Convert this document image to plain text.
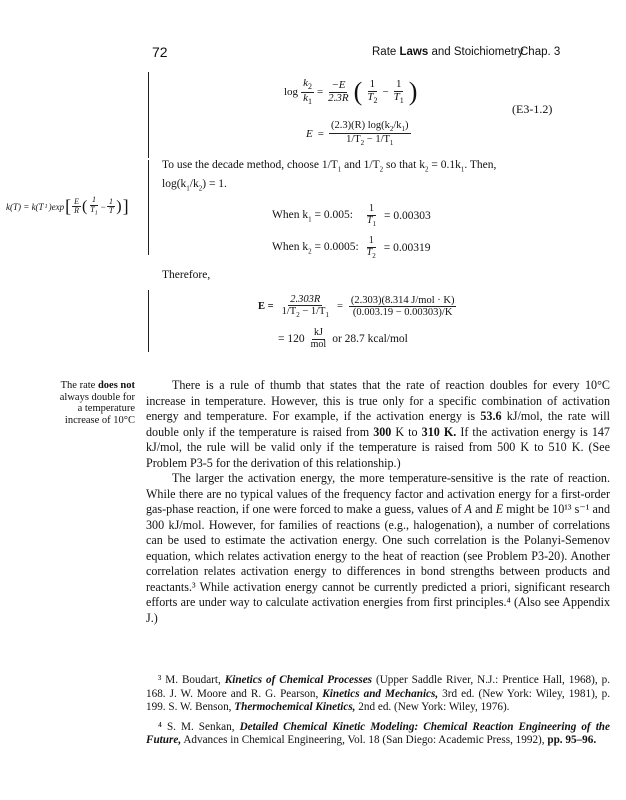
72	Rate Laws and Stoichiometry
Chap. 3
$\log \frac{k_2}{k_1} = \frac{-E}{2.3R}$ ( $\frac{1}{T_2} - \frac{1}{T_1}$ )
(E3-1.2)
$E = \frac{(2.3)(R) \log(k_2/k_1)}{1/T_2 - 1/T_1}$
k(T) = k(T 1 )exp [ $\frac{E}{R}$ ( $\frac{1}{T_1} - \frac{1}{T}$ ) ]
To use the decade method, choose $1/T_1$ and $1/T_2$ so that $k_2 = 0.1k_1$. Then,
$\log(k_1/k_2) = 1$.
When $k_1 = 0.005$: $\frac{1}{T_1} = 0.00303$
When $k_2 = 0.0005$: $\frac{1}{T_2} = 0.00319$
Therefore,
$E = \frac{2.303R}{1/T_2 - 1/T_1} = \frac{\text{(2.303)(8.314 J/mol · K)}}{(0.003.19 - 0.00303)/K}$
= $120 \frac{kJ}{\text{mol}}$ or 28.7 kcal/mol
The rate does not
always double for
a temperature
increase of 10°C

There is a rule of thumb that states that the rate of reaction doubles for every 10°C increase in temperature. However, this is true only for a specific combination of activation energy and temperature. For example, if the activation energy is 53.6 kJ/mol, the rate will double only if the temperature is raised from 300 K to 310 K. If the activation energy is 147 kJ/mol, the rule will be valid only if the temperature is raised from 500 K to 510 K. (See Problem P3-5 for the derivation of this relationship.)

The larger the activation energy, the more temperature-sensitive is the rate of reaction. While there are no typical values of the frequency factor and activation energy for a first-order gas-phase reaction, if one were forced to make a guess, values of A and E might be 10¹³ s⁻¹ and 300 kJ/mol. However, for families of reactions (e.g., halogenation), a number of correlations can be used to estimate the activation energy. One such correlation is the Polanyi-Semenov equation, which relates activation energy to the heat of reaction (see Problem P3-20). Another correlation relates activation energy to differences in bond strengths between products and reactants.³ While activation energy cannot be currently predicted a priori, significant research efforts are under way to calculate activation energies from first principles.⁴ (Also see Appendix J.)

³ M. Boudart, Kinetics of Chemical Processes (Upper Saddle River, N.J.: Prentice Hall, 1968), p. 168. J. W. Moore and R. G. Pearson, Kinetics and Mechanics, 3rd ed. (New York: Wiley, 1981), p. 199. S. W. Benson, Thermochemical Kinetics, 2nd ed. (New York: Wiley, 1976).

⁴ S. M. Senkan, Detailed Chemical Kinetic Modeling: Chemical Reaction Engineering of the Future, Advances in Chemical Engineering, Vol. 18 (San Diego: Academic Press, 1992), pp. 95–96.
